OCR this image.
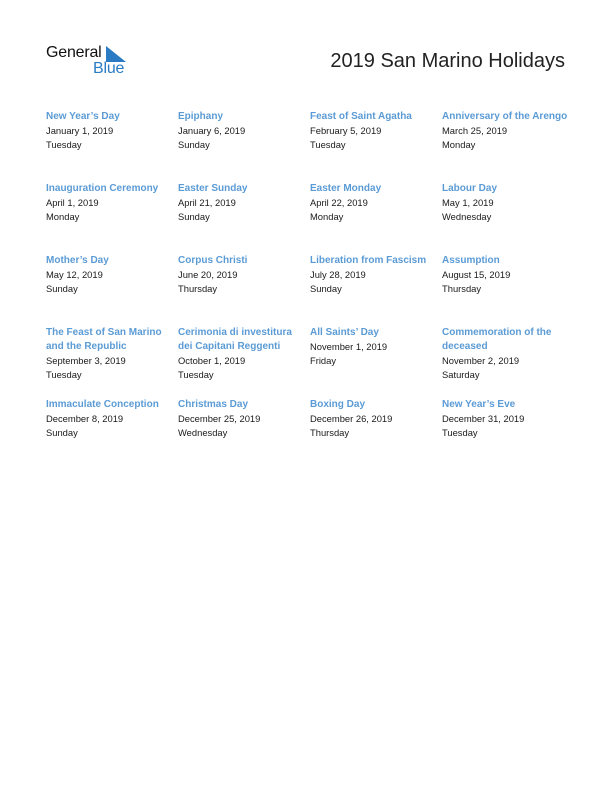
General
Blue	2019 San Marino Holidays
New Year’s Day
January 1, 2019
Tuesday
Epiphany
January 6, 2019
Sunday
Feast of Saint Agatha
February 5, 2019
Tuesday
Anniversary of the Arengo
March 25, 2019
Monday
Inauguration Ceremony
April 1, 2019
Monday
Easter Sunday
April 21, 2019
Sunday
Easter Monday
April 22, 2019
Monday
Labour Day
May 1, 2019
Wednesday
Mother’s Day
May 12, 2019
Sunday
Corpus Christi
June 20, 2019
Thursday
Liberation from Fascism
July 28, 2019
Sunday
Assumption
August 15, 2019
Thursday
The Feast of San Marino and the Republic
September 3, 2019
Tuesday
Cerimonia di investitura dei Capitani Reggenti
October 1, 2019
Tuesday
All Saints’ Day
November 1, 2019
Friday
Commemoration of the deceased
November 2, 2019
Saturday
Immaculate Conception
December 8, 2019
Sunday
Christmas Day
December 25, 2019
Wednesday
Boxing Day
December 26, 2019
Thursday
New Year’s Eve
December 31, 2019
Tuesday
